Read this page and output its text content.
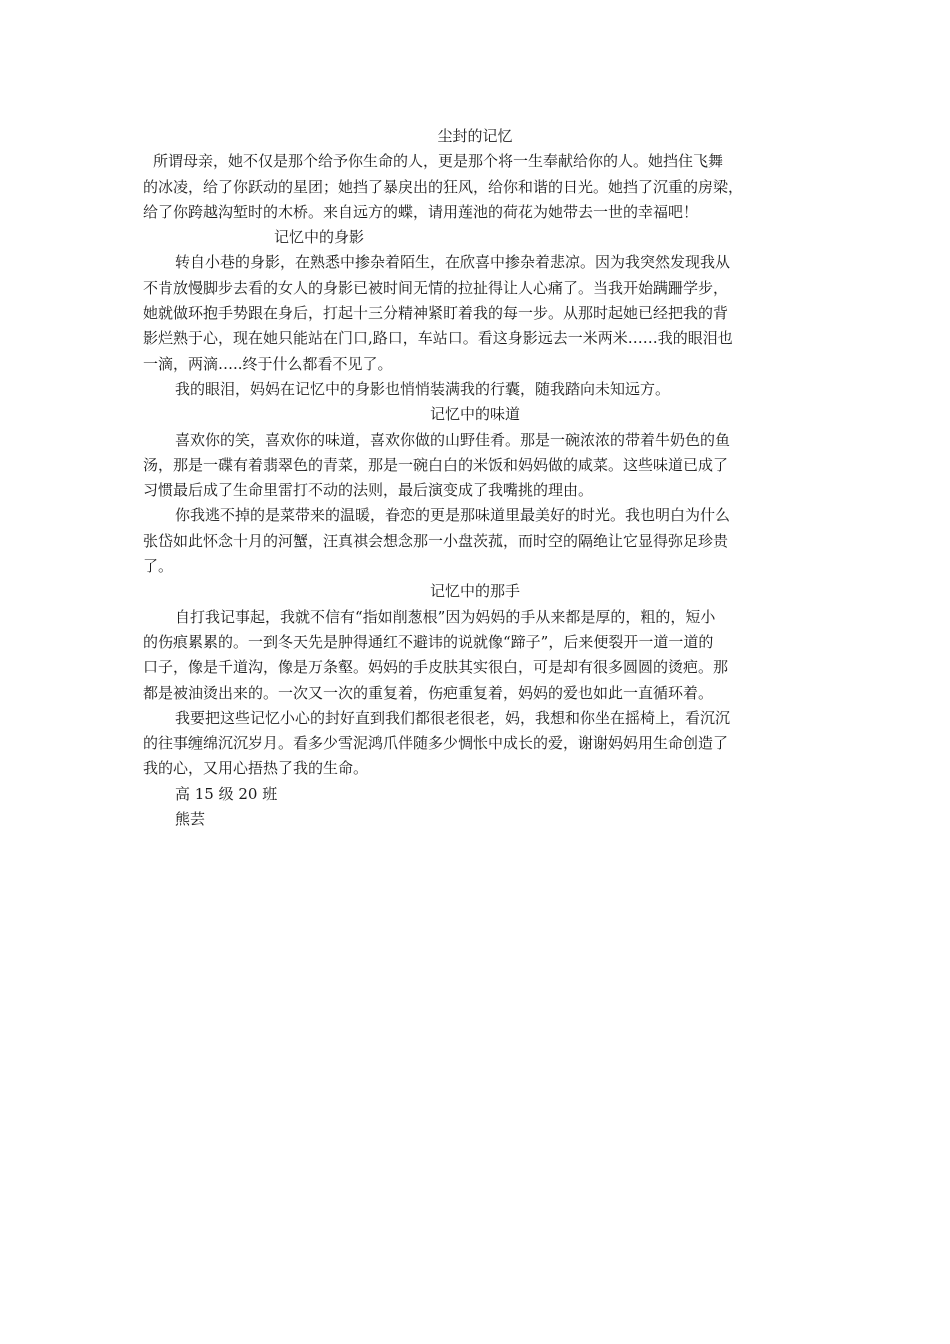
尘封的记忆
所谓母亲，她不仅是那个给予你生命的人，更是那个将一生奉献给你的人。她挡住飞舞
的冰凌，给了你跃动的星团；她挡了暴戾出的狂风，给你和谐的日光。她挡了沉重的房梁，
给了你跨越沟堑时的木桥。来自远方的蝶，请用莲池的荷花为她带去一世的幸福吧！
记忆中的身影
转自小巷的身影，在熟悉中掺杂着陌生，在欣喜中掺杂着悲凉。因为我突然发现我从
不肯放慢脚步去看的女人的身影已被时间无情的拉扯得让人心痛了。当我开始蹒跚学步，
她就做环抱手势跟在身后，打起十三分精神紧盯着我的每一步。从那时起她已经把我的背
影烂熟于心，现在她只能站在门口,路口，车站口。看这身影远去一米两米……我的眼泪也
一滴，两滴…..终于什么都看不见了。
我的眼泪，妈妈在记忆中的身影也悄悄装满我的行囊，随我踏向未知远方。
记忆中的味道
喜欢你的笑，喜欢你的味道，喜欢你做的山野佳肴。那是一碗浓浓的带着牛奶色的鱼
汤，那是一碟有着翡翠色的青菜，那是一碗白白的米饭和妈妈做的咸菜。这些味道已成了
习惯最后成了生命里雷打不动的法则，最后演变成了我嘴挑的理由。
你我逃不掉的是菜带来的温暖，眷恋的更是那味道里最美好的时光。我也明白为什么
张岱如此怀念十月的河蟹，汪真祺会想念那一小盘茨菰，而时空的隔绝让它显得弥足珍贵
了。
记忆中的那手
自打我记事起，我就不信有“指如削葱根”因为妈妈的手从来都是厚的，粗的，短小
的伤痕累累的。一到冬天先是肿得通红不避讳的说就像“蹄子”，后来便裂开一道一道的
口子，像是千道沟，像是万条壑。妈妈的手皮肤其实很白，可是却有很多圆圆的烫疤。那
都是被油烫出来的。一次又一次的重复着，伤疤重复着，妈妈的爱也如此一直循环着。
我要把这些记忆小心的封好直到我们都很老很老，妈，我想和你坐在摇椅上，看沉沉
的往事缠绵沉沉岁月。看多少雪泥鸿爪伴随多少惆怅中成长的爱，谢谢妈妈用生命创造了
我的心，又用心捂热了我的生命。
高 15 级 20 班
熊芸
